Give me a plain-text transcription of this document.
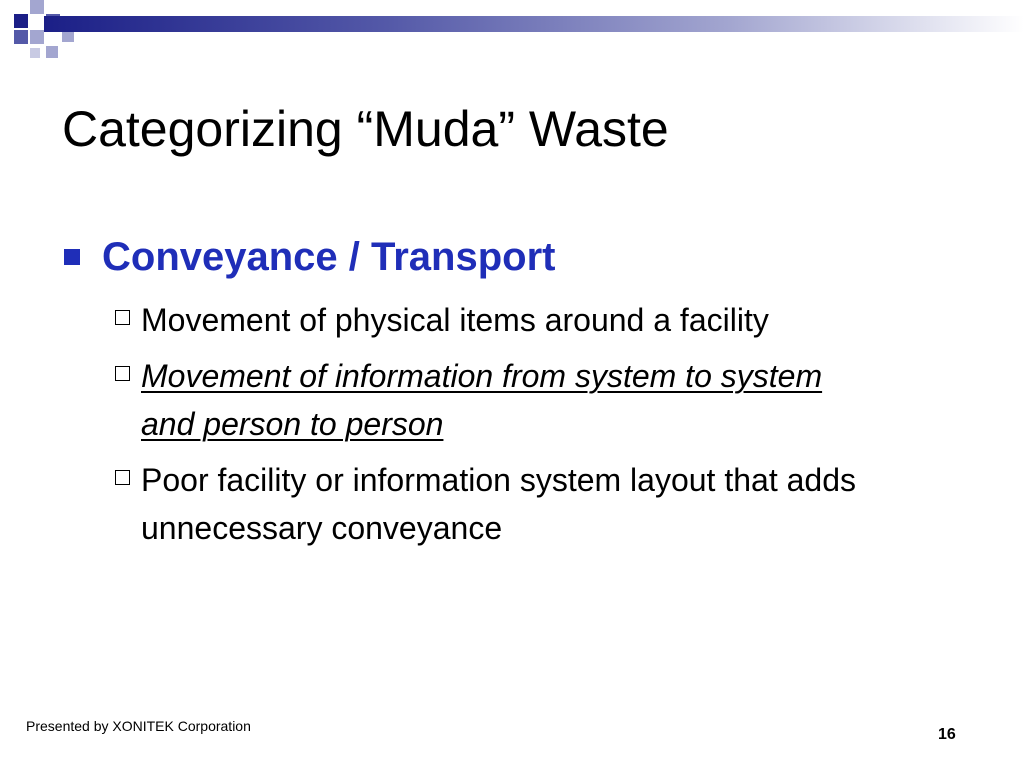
Categorizing “Muda” Waste
Conveyance / Transport
Movement of physical items around a facility
Movement of information from system to system and person to person
Poor facility or information system layout that adds unnecessary conveyance
Presented by XONITEK Corporation	16
